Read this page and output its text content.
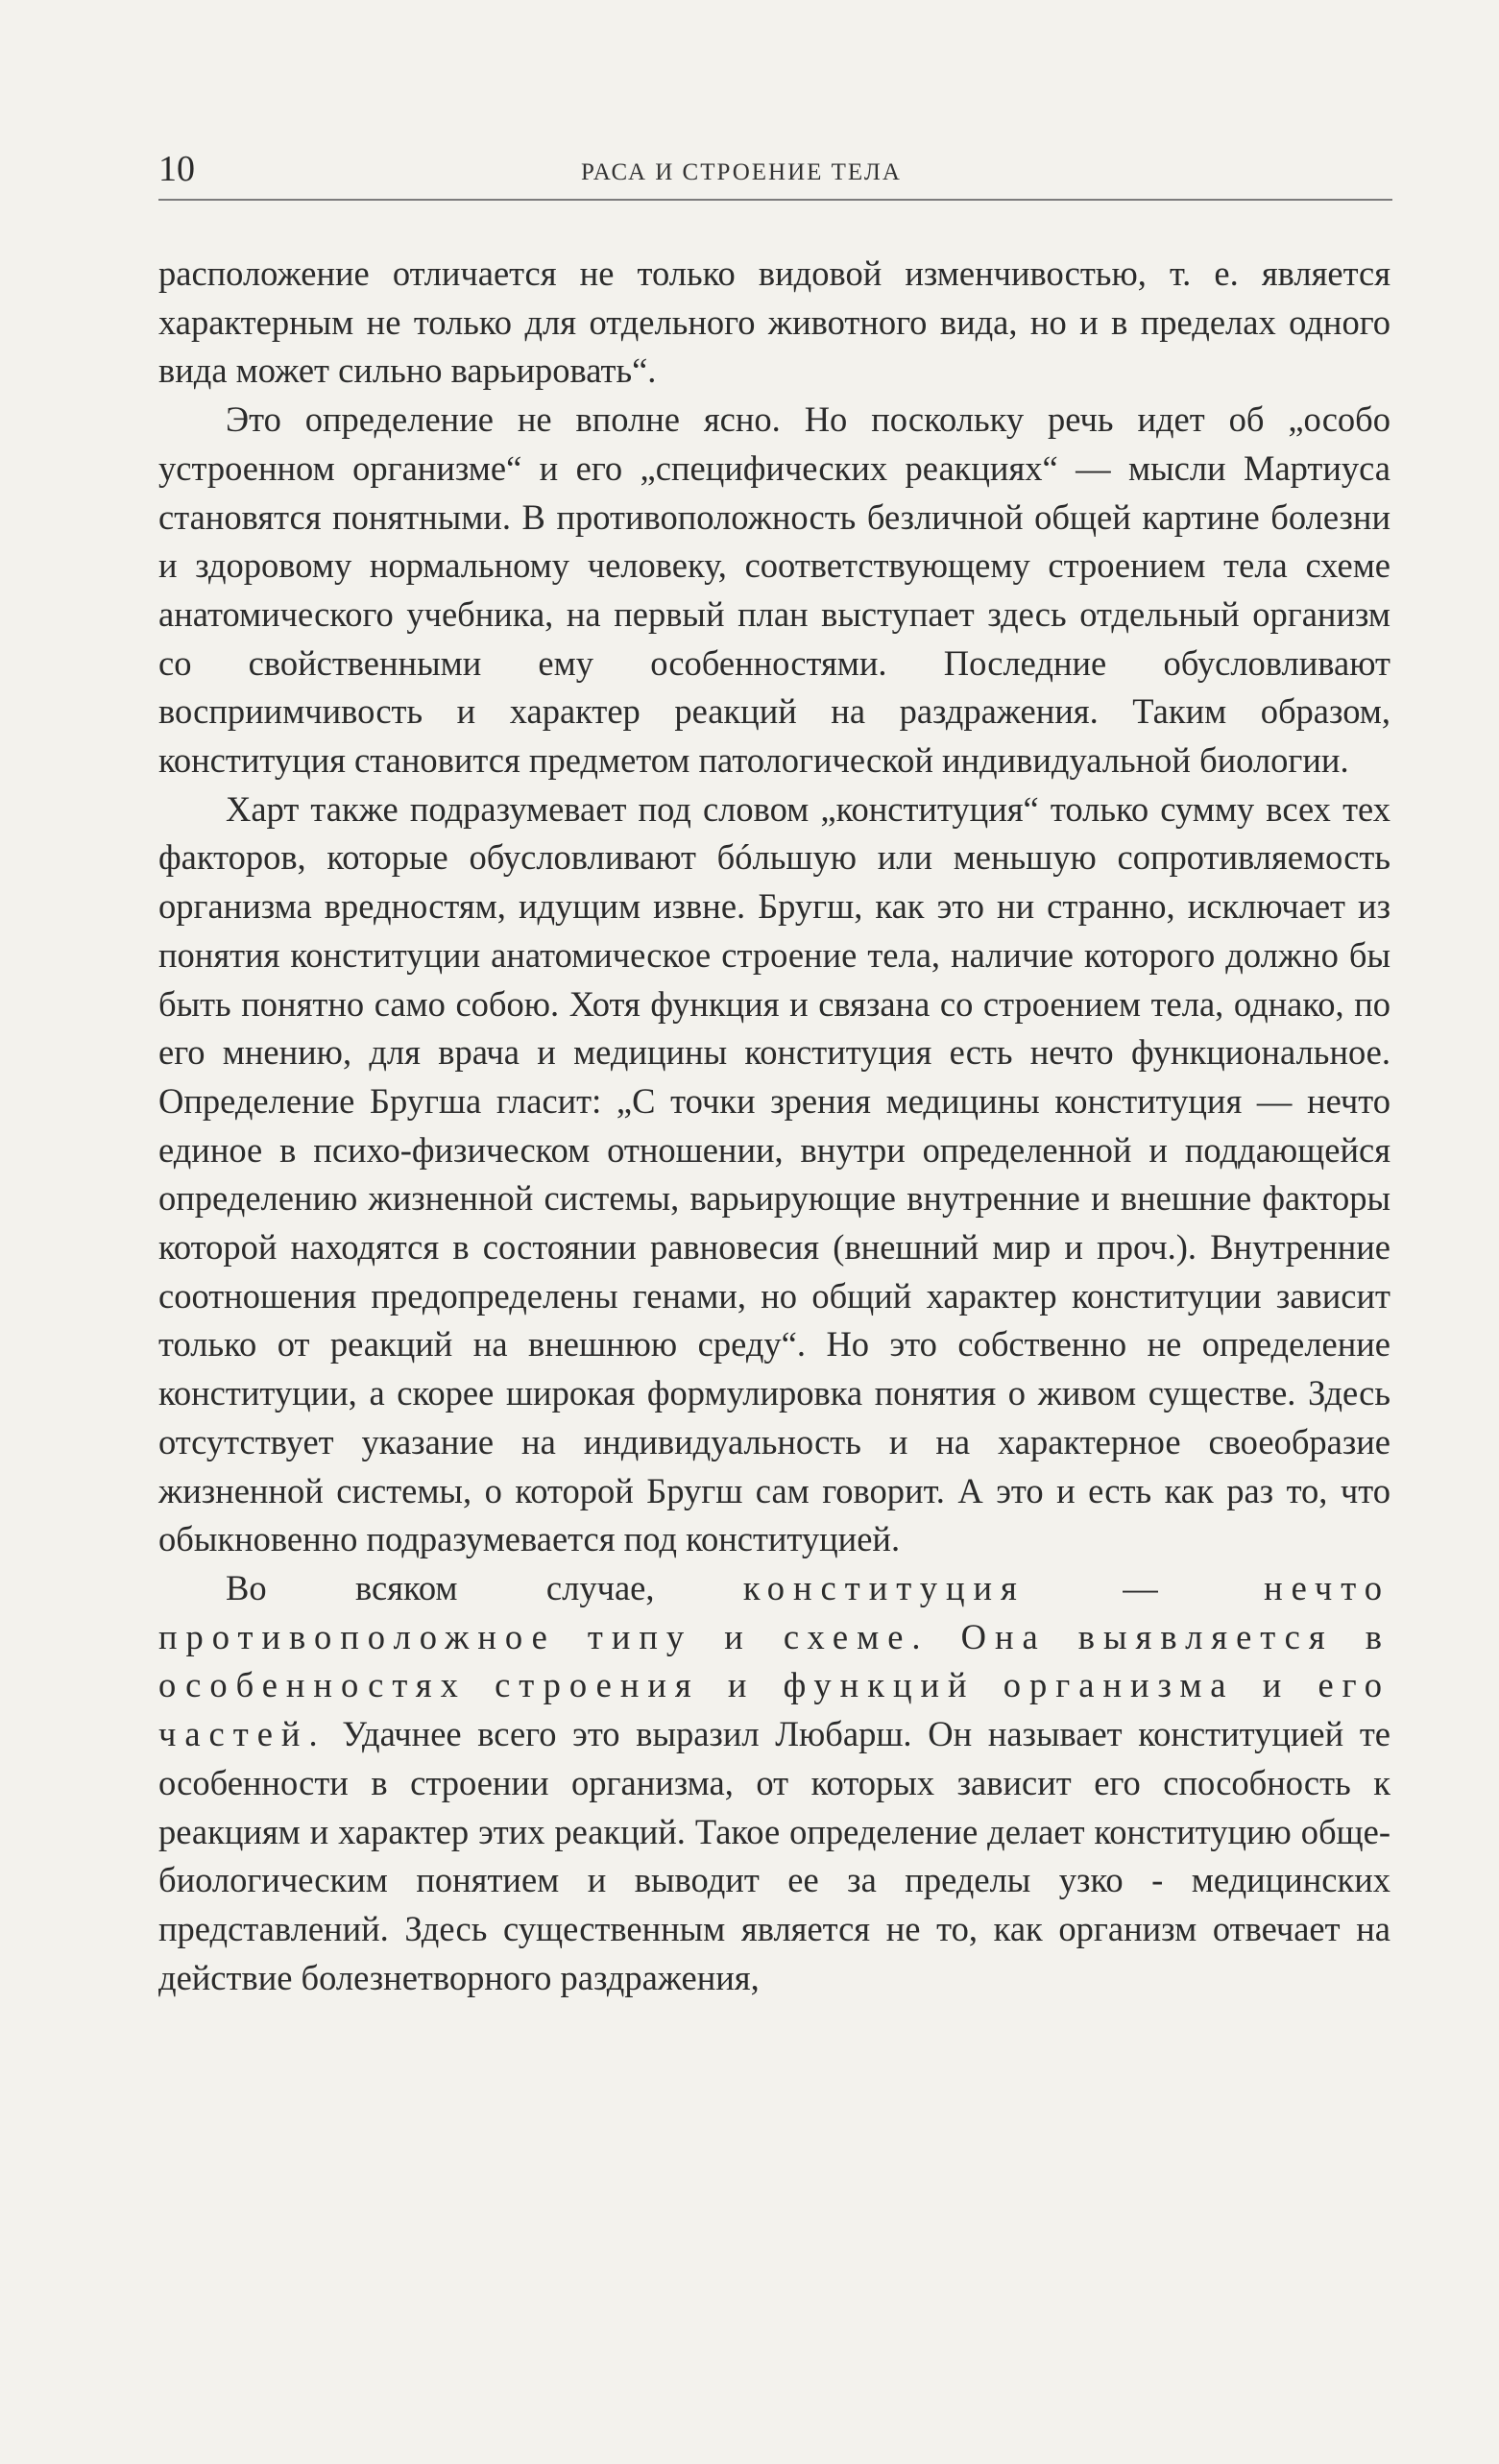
10	РАСА И СТРОЕНИЕ ТЕЛА

расположение отличается не только видовой изменчивостью, т. е. является характерным не только для отдельного животного вида, но и в пределах одного вида может сильно варьировать“.

Это определение не вполне ясно. Но поскольку речь идет об „особо устроенном организме“ и его „специфических реакциях“ — мысли Мартиуса становятся понятными. В противоположность безличной общей картине болезни и здоровому нормальному человеку, соответствующему строением тела схеме анатомического учебника, на первый план выступает здесь отдельный организм со свойственными ему особенностями. Последние обусловливают восприимчивость и характер реакций на раздражения. Таким образом, конституция становится предметом патологической индивидуальной биологии.

Харт также подразумевает под словом „конституция“ только сумму всех тех факторов, которые обусловливают бóльшую или меньшую сопротивляемость организма вредностям, идущим извне. Бругш, как это ни странно, исключает из понятия конституции анатомическое строение тела, наличие которого должно бы быть понятно само собою. Хотя функция и связана со строением тела, однако, по его мнению, для врача и медицины конституция есть нечто функциональное. Определение Бругша гласит: „С точки зрения медицины конституция — нечто единое в психо-физическом отношении, внутри определенной и поддающейся определению жизненной системы, варьирующие внутренние и внешние факторы которой находятся в состоянии равновесия (внешний мир и проч.). Внутренние соотношения предопределены генами, но общий характер конституции зависит только от реакций на внешнюю среду“. Но это собственно не определение конституции, а скорее широкая формулировка понятия о живом существе. Здесь отсутствует указание на индивидуальность и на характерное своеобразие жизненной системы, о которой Бругш сам говорит. А это и есть как раз то, что обыкновенно подразумевается под конституцией.

Во всяком случае, конституция — нечто противоположное типу и схеме. Она выявляется в особенностях строения и функций организма и его частей. Удачнее всего это выразил Любарш. Он называет конституцией те особенности в строении организма, от которых зависит его способность к реакциям и характер этих реакций. Такое определение делает конституцию обще-биологическим понятием и выводит ее за пределы узко - медицинских представлений. Здесь существенным является не то, как организм отвечает на действие болезнетворного раздражения,
